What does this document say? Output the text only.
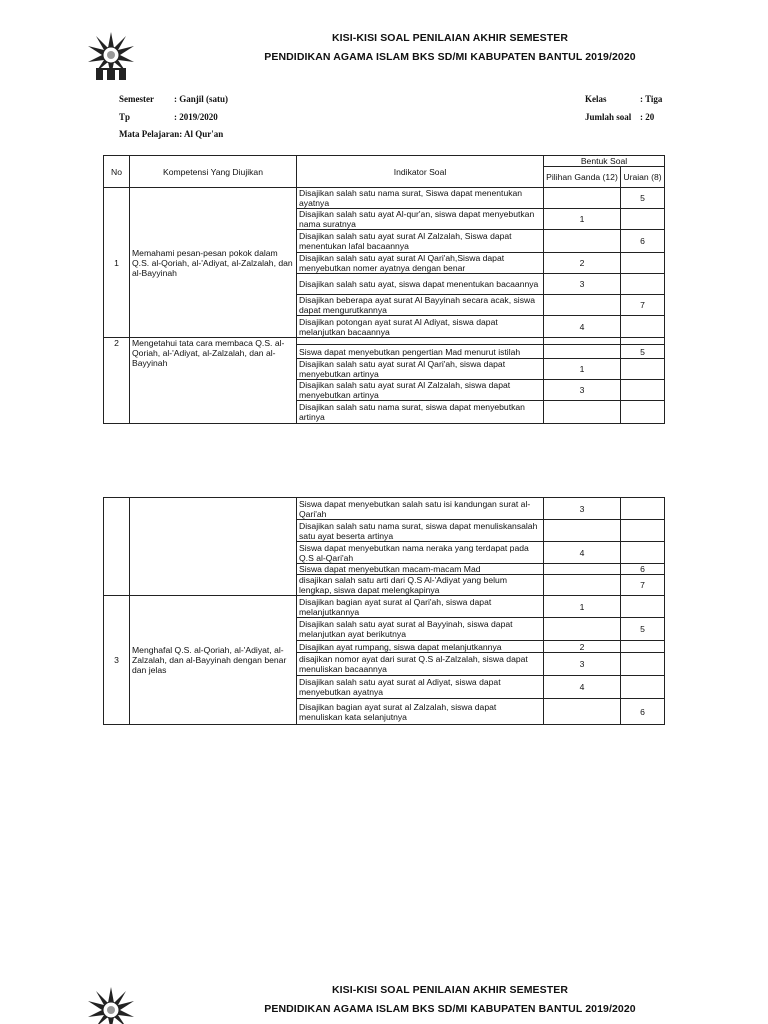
KISI-KISI SOAL PENILAIAN AKHIR SEMESTER
PENDIDIKAN AGAMA ISLAM BKS SD/MI KABUPATEN BANTUL 2019/2020
Semester : Ganjil (satu)
Tp	: 2019/2020
Mata Pelajaran: Al Qur'an
Kelas	: Tiga
Jumlah soal : 20
No	Kompetensi Yang Diujikan	Indikator Soal	Bentuk Soal	
			Pilihan Ganda (12)	Uraian (8)
1	Memahami pesan-pesan pokok dalam Q.S. al-Qoriah, al-'Adiyat, al-Zalzalah, dan al-Bayyinah	Disajikan salah satu nama surat, Siswa dapat menentukan ayatnya		5
		Disajikan salah satu ayat Al-qur'an, siswa dapat menyebutkan nama suratnya	1	
		Disajikan salah satu ayat surat Al Zalzalah, Siswa dapat menentukan lafal bacaannya		6
		Disajikan salah satu ayat surat Al Qari'ah,Siswa dapat menyebutkan nomer ayatnya dengan benar	2	
		Disajikan salah satu ayat, siswa dapat menentukan bacaannya	3	
		Disajikan beberapa ayat surat Al Bayyinah secara acak, siswa dapat mengurutkannya		7
		Disajikan potongan ayat surat Al Adiyat, siswa dapat melanjutkan bacaannya	4	
2	Mengetahui tata cara membaca Q.S. al-Qoriah, al-'Adiyat, al-Zalzalah, dan al-Bayyinah			
		Siswa dapat menyebutkan pengertian Mad menurut istilah		5
		Disajikan salah satu ayat surat Al Qari'ah, siswa dapat menyebutkan artinya	1	
		Disajikan salah satu ayat surat Al Zalzalah, siswa dapat menyebutkan artinya	3	
		Disajikan salah satu nama surat, siswa dapat menyebutkan artinya		
		Siswa dapat menyebutkan salah satu isi kandungan surat al-Qari'ah	3	
		Disajikan salah satu nama surat, siswa dapat menuliskansalah satu ayat beserta artinya		
		Siswa dapat menyebutkan nama neraka yang terdapat pada Q.S al-Qari'ah	4	
		Siswa dapat menyebutkan macam-macam Mad		6
		disajikan salah satu arti dari Q.S Al-'Adiyat yang belum lengkap, siswa dapat melengkapinya		7
3	Menghafal Q.S. al-Qoriah, al-'Adiyat, al-Zalzalah, dan al-Bayyinah dengan benar dan jelas	Disajikan bagian ayat surat al Qari'ah, siswa dapat melanjutkannya	1	
		Disajikan salah satu ayat surat al Bayyinah, siswa dapat melanjutkan ayat berikutnya		5
		Disajikan ayat rumpang, siswa dapat melanjutkannya	2	
		disajikan nomor ayat dari surat Q.S al-Zalzalah, siswa dapat menuliskan bacaannya	3	
		Disajikan salah satu ayat surat al Adiyat, siswa dapat menyebutkan ayatnya	4	
		Disajikan bagian ayat surat al Zalzalah, siswa dapat menuliskan kata selanjutnya		6
KISI-KISI SOAL PENILAIAN AKHIR SEMESTER
PENDIDIKAN AGAMA ISLAM BKS SD/MI KABUPATEN BANTUL 2019/2020
